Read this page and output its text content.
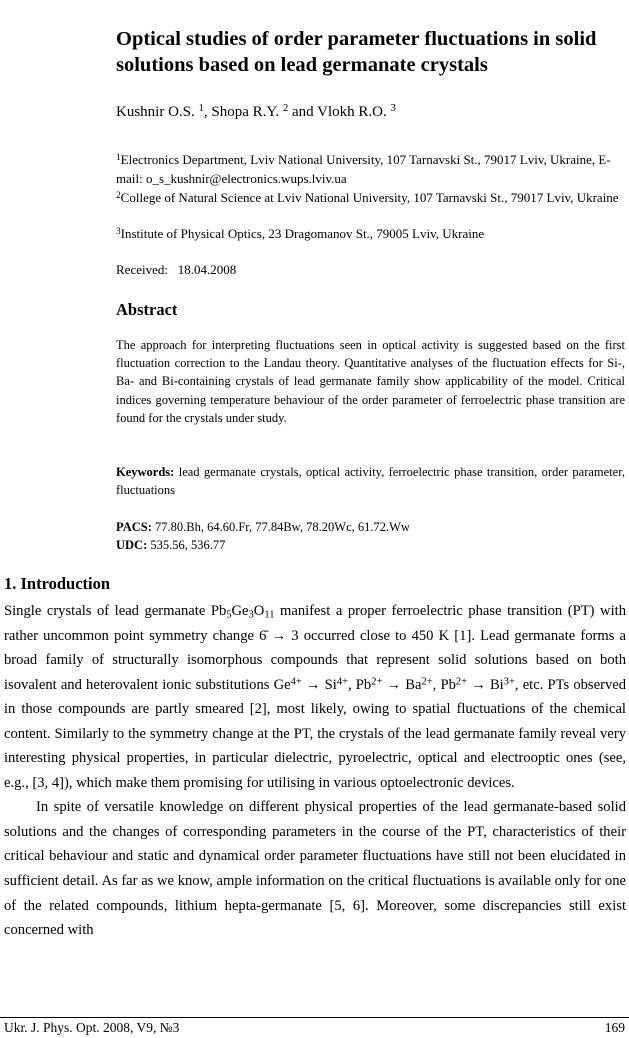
Optical studies of order parameter fluctuations in solid solutions based on lead germanate crystals
Kushnir O.S. $^1$, Shopa R.Y. $^2$ and Vlokh R.O. $^3$
$^1$Electronics Department, Lviv National University, 107 Tarnavski St., 79017 Lviv, Ukraine, E-mail: o_s_kushnir@electronics.wups.lviv.ua
$^2$College of Natural Science at Lviv National University, 107 Tarnavski St., 79017 Lviv, Ukraine
$^3$Institute of Physical Optics, 23 Dragomanov St., 79005 Lviv, Ukraine
Received: 18.04.2008
Abstract
The approach for interpreting fluctuations seen in optical activity is suggested based on the first fluctuation correction to the Landau theory. Quantitative analyses of the fluctuation effects for Si-, Ba- and Bi-containing crystals of lead germanate family show applicability of the model. Critical indices governing temperature behaviour of the order parameter of ferroelectric phase transition are found for the crystals under study.
Keywords: lead germanate crystals, optical activity, ferroelectric phase transition, order parameter, fluctuations
PACS: 77.80.Bh, 64.60.Fr, 77.84Bw, 78.20Wc, 61.72.Ww
UDC: 535.56, 536.77
1. Introduction

Single crystals of lead germanate $Pb_5Ge_3O_{11}$ manifest a proper ferroelectric phase transition (PT) with rather uncommon point symmetry change 6̄ → 3 occurred close to 450 K [1]. Lead germanate forms a broad family of structurally isomorphous compounds that represent solid solutions based on both isovalent and heterovalent ionic substitutions $Ge^{4+} \to Si^{4+}$, $Pb^{2+} \to Ba^{2+}$, $Pb^{2+} \to Bi^{3+}$, etc. PTs observed in those compounds are partly smeared [2], most likely, owing to spatial fluctuations of the chemical content. Similarly to the symmetry change at the PT, the crystals of the lead germanate family reveal very interesting physical properties, in particular dielectric, pyroelectric, optical and electrooptic ones (see, e.g., [3, 4]), which make them promising for utilising in various optoelectronic devices.

In spite of versatile knowledge on different physical properties of the lead germanate-based solid solutions and the changes of corresponding parameters in the course of the PT, characteristics of their critical behaviour and static and dynamical order parameter fluctuations have still not been elucidated in sufficient detail. As far as we know, ample information on the critical fluctuations is available only for one of the related compounds, lithium hepta-germanate [5, 6]. Moreover, some discrepancies still exist concerned with

Ukr. J. Phys. Opt. 2008, V9, №3	169
